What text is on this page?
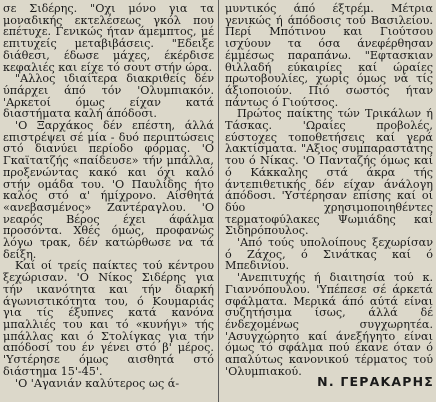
σε Σιδέρης. "Οχι μόνο για τα μοναδικής εκτελέσεως γκόλ που επέτυχε. Γενικώς ήταν άμεμπτος, μέ επιτυχείς μεταβιβάσεις. "Εδειξε διάθεσι, έδωσε μάχες, έκέρδισε κεφαλιές και είχε τό σουτ στήν ώρα.

"Αλλος ιδιαίτερα διακριθείς δέν ύπάρχει άπό τόν 'Ολυμπιακόν. 'Αρκετοί όμως είχαν κατά διαστήματα καλή άπόδοσι.

'Ο Ξαρχάκος δέν επέστη, άλλά επιστρέψει σέ μία - δυό περιπτώσεις στό διανύει περίοδο φόρμας. 'Ο Γκαϊτατζής «παίδευσε» τήν μπάλλα, προξενώντας κακό και όχι καλό στήν ομάδα του. 'Ο Παυλίδης ήτο καλός στό α' ήμίχρονο. Αίσθητά «ανεβασμένος» Ζαντέραγλου. 'Ο νεαρός Βέρος έχει άφάλμα προσόντα. Χθές όμως, προφανώς λόγω τρακ, δέν κατώρθωσε να τά δείξη.

Καί οί τρείς παίκτες τού κέντρου ξεχώρισαν. 'Ο Νίκος Σιδέρης για τήν ικανότητα και τήν διαρκή άγωνιστικότητα του, ό Κουμαριάς για τίς έξυπνες κατά κανόνα μπαλλιές του και τό «κυνήγι» τής μπάλλας και ό Στολίγκας για τήν απόδοσί του έν γένει στό β' μέρος. 'Υστέρησε όμως αισθητά στό διάστημα 15'-45'.

'Ο 'Αγανιάν καλύτερος ως ά-

μυντικός άπό έξτρέμ. Μέτρια γενικώς ή άπόδοσις τού Βασιλείου. Περί Μπότινου και Γιούτσου ισχύουν τα όσα άνεφέρθησαν έμμέσως παραπάνω. "Εφτασκιαν θιλλαδή εύκαιρίες καί ώραίες πρωτοβουλίες, χωρίς όμως νά τίς άξιοποιούν. Πιό σωστός ήταν πάντως ό Γιούτσος.

Πρώτος παίκτης τών Τρικάλων ή Τάσκας. 'Ωραίες προβολές, εύστοχες τοποθετήσεις καί γερά λακτίσματα. "Αξιος συμπαραστάτης του ό Νίκας. 'Ο Πανταζής όμως καί ό Κάκκαλης στά άκρα τής άντεπιθετικής δέν είχαν άνάλογη άπόδοσι. 'Υστέρησαν επίσης καί οί δύο χρησιμοποιηθέντες τερματοφύλακες Ψωμιάδης καί Σιδηρόπουλος.

'Από τούς υπολοίπους ξεχωρίσαν ό Ζάχος, ό Σινάτκας καί ό Μπεδινίου.

'Ανεπιτυχής ή διαιτησία τού κ. Γιαννόπουλου. 'Υπέπεσε σέ άρκετά σφάλματα. Μερικά άπό αύτά είναι συζητήσιμα ίσως, άλλά δέ ένδεχομένως συγχωρητέα. 'Ασυγχώρητο καί άνεξήγητο είναι όμως τό σφάλμα πού έκανε όταν ό απαλύτως κανονικού τέρματος τού 'Ολυμπιακού.

Ν. ΓΕΡΑΚΑΡΗΣ
